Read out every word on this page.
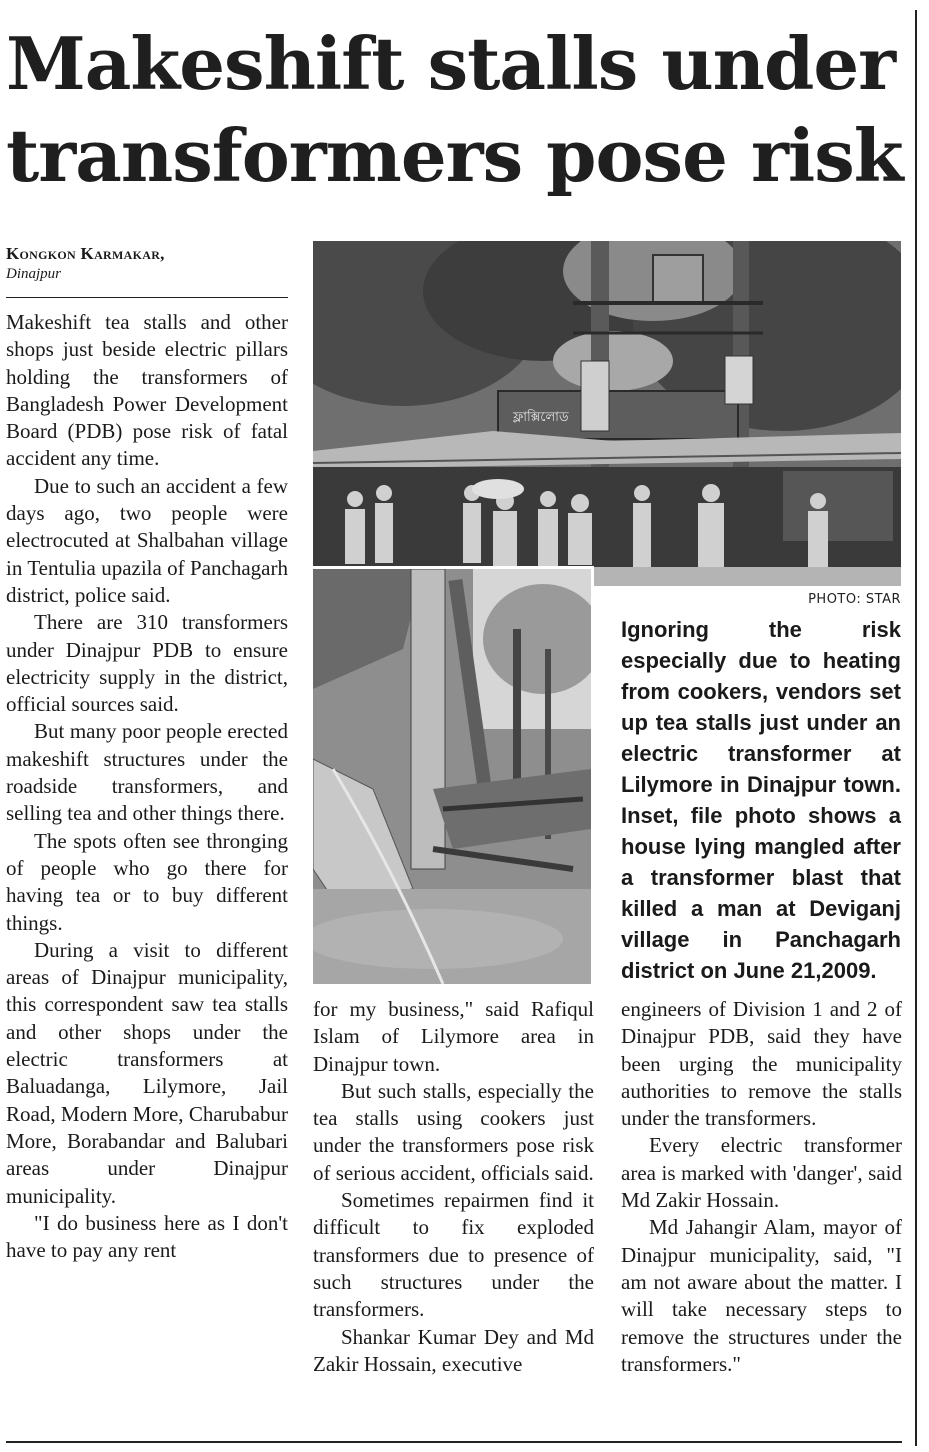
Makeshift stalls under transformers pose risk
Kongkon Karmakar,
Dinajpur
ফ্লাক্সিলোড
PHOTO: STAR
Ignoring the risk especially due to heating from cookers, vendors set up tea stalls just under an electric transformer at Lilymore in Dinajpur town. Inset, file photo shows a house lying mangled after a transformer blast that killed a man at Deviganj village in Panchagarh district on June 21,2009.

Makeshift tea stalls and other shops just beside electric pillars holding the transformers of Bangladesh Power Development Board (PDB) pose risk of fatal accident any time.

Due to such an accident a few days ago, two people were electrocuted at Shalbahan village in Tentulia upazila of Panchagarh district, police said.

There are 310 transformers under Dinajpur PDB to ensure electricity supply in the district, official sources said.

But many poor people erected makeshift structures under the roadside transformers, and selling tea and other things there.

The spots often see thronging of people who go there for having tea or to buy different things.

During a visit to different areas of Dinajpur municipality, this correspondent saw tea stalls and other shops under the electric transformers at Baluadanga, Lilymore, Jail Road, Modern More, Charubabur More, Borabandar and Balubari areas under Dinajpur municipality.

"I do business here as I don't have to pay any rent

for my business," said Rafiqul Islam of Lilymore area in Dinajpur town.

But such stalls, especially the tea stalls using cookers just under the transformers pose risk of serious accident, officials said.

Sometimes repairmen find it difficult to fix exploded transformers due to presence of such structures under the transformers.

Shankar Kumar Dey and Md Zakir Hossain, executive

engineers of Division 1 and 2 of Dinajpur PDB, said they have been urging the municipality authorities to remove the stalls under the transformers.

Every electric transformer area is marked with 'danger', said Md Zakir Hossain.

Md Jahangir Alam, mayor of Dinajpur municipality, said, "I am not aware about the matter. I will take necessary steps to remove the structures under the transformers."
